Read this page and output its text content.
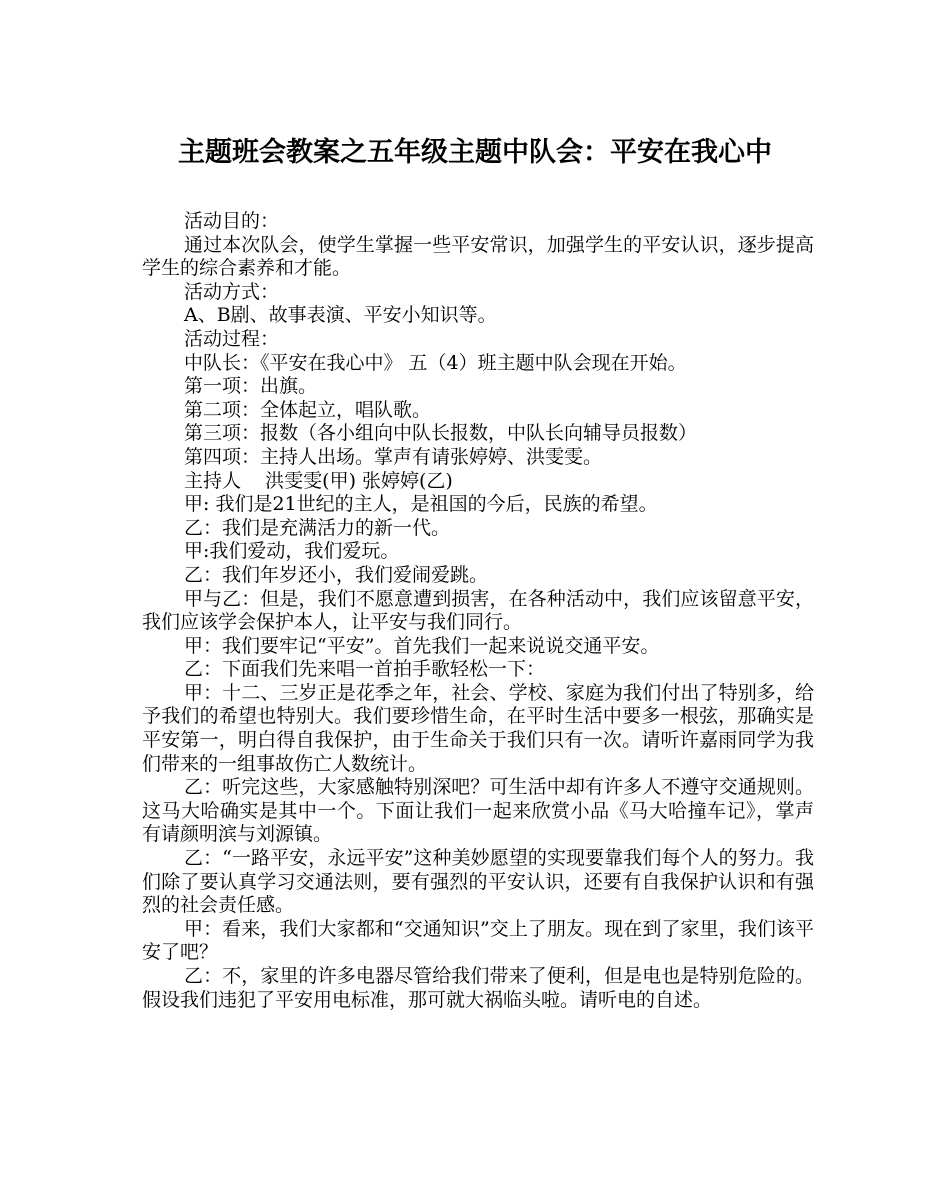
主题班会教案之五年级主题中队会：平安在我心中

活动目的：

通过本次队会，使学生掌握一些平安常识，加强学生的平安认识，逐步提高学生的综合素养和才能。

活动方式：

A、B剧、故事表演、平安小知识等。

活动过程：

中队长：《平安在我心中》 五（4）班主题中队会现在开始。

第一项：出旗。

第二项：全体起立，唱队歌。

第三项：报数（各小组向中队长报数，中队长向辅导员报数）

第四项：主持人出场。掌声有请张婷婷、洪雯雯。

主持人    洪雯雯(甲) 张婷婷(乙)

甲: 我们是21世纪的主人，是祖国的今后，民族的希望。

乙：我们是充满活力的新一代。

甲:我们爱动，我们爱玩。

乙：我们年岁还小，我们爱闹爱跳。

甲与乙：但是，我们不愿意遭到损害，在各种活动中，我们应该留意平安，我们应该学会保护本人，让平安与我们同行。

甲：我们要牢记“平安”。首先我们一起来说说交通平安。

乙：下面我们先来唱一首拍手歌轻松一下：

甲：十二、三岁正是花季之年，社会、学校、家庭为我们付出了特别多，给予我们的希望也特别大。我们要珍惜生命，在平时生活中要多一根弦，那确实是平安第一，明白得自我保护，由于生命关于我们只有一次。请听许嘉雨同学为我们带来的一组事故伤亡人数统计。

乙：听完这些，大家感触特别深吧？可生活中却有许多人不遵守交通规则。这马大哈确实是其中一个。下面让我们一起来欣赏小品《马大哈撞车记》，掌声有请颜明滨与刘源镇。

乙：“一路平安，永远平安”这种美妙愿望的实现要靠我们每个人的努力。我们除了要认真学习交通法则，要有强烈的平安认识，还要有自我保护认识和有强烈的社会责任感。

甲：看来，我们大家都和“交通知识”交上了朋友。现在到了家里，我们该平安了吧？

乙：不，家里的许多电器尽管给我们带来了便利，但是电也是特别危险的。假设我们违犯了平安用电标准，那可就大祸临头啦。请听电的自述。
